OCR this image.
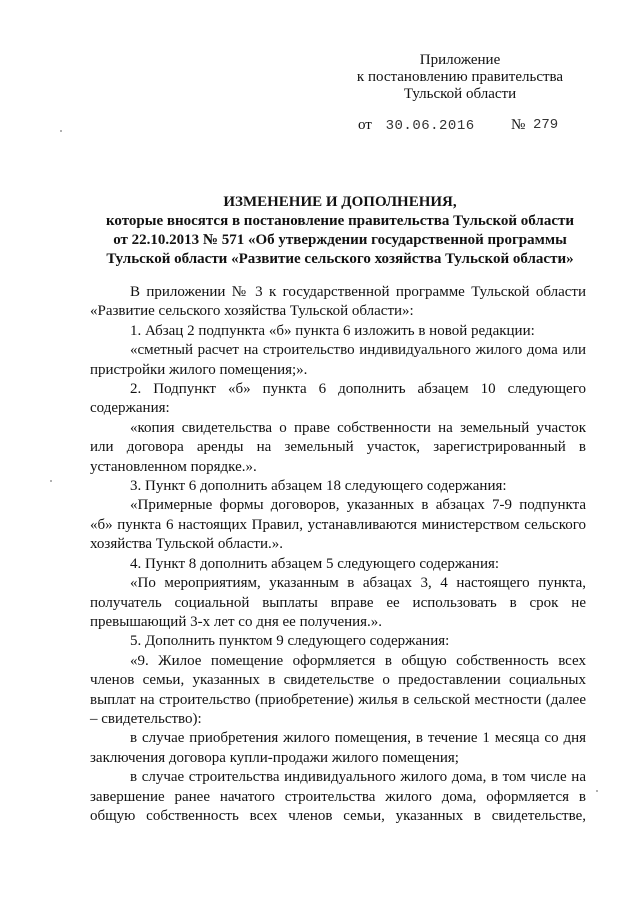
Приложение
к постановлению правительства
Тульской области
от 30.06.2016 № 279
ИЗМЕНЕНИЕ И ДОПОЛНЕНИЯ,
которые вносятся в постановление правительства Тульской области
от 22.10.2013 № 571 «Об утверждении государственной программы
Тульской области «Развитие сельского хозяйства Тульской области»

В приложении № 3 к государственной программе Тульской области «Развитие сельского хозяйства Тульской области»:

1. Абзац 2 подпункта «б» пункта 6 изложить в новой редакции:

«сметный расчет на строительство индивидуального жилого дома или пристройки жилого помещения;».

2. Подпункт «б» пункта 6 дополнить абзацем 10 следующего содержания:

«копия свидетельства о праве собственности на земельный участок или договора аренды на земельный участок, зарегистрированный в установленном порядке.».

3. Пункт 6 дополнить абзацем 18 следующего содержания:

«Примерные формы договоров, указанных в абзацах 7-9 подпункта «б» пункта 6 настоящих Правил, устанавливаются министерством сельского хозяйства Тульской области.».

4. Пункт 8 дополнить абзацем 5 следующего содержания:

«По мероприятиям, указанным в абзацах 3, 4 настоящего пункта, получатель социальной выплаты вправе ее использовать в срок не превышающий 3-х лет со дня ее получения.».

5. Дополнить пунктом 9 следующего содержания:

«9. Жилое помещение оформляется в общую собственность всех членов семьи, указанных в свидетельстве о предоставлении социальных выплат на строительство (приобретение) жилья в сельской местности (далее – свидетельство):

в случае приобретения жилого помещения, в течение 1 месяца со дня заключения договора купли-продажи жилого помещения;

в случае строительства индивидуального жилого дома, в том числе на завершение ранее начатого строительства жилого дома, оформляется в общую собственность всех членов семьи, указанных в свидетельстве,
